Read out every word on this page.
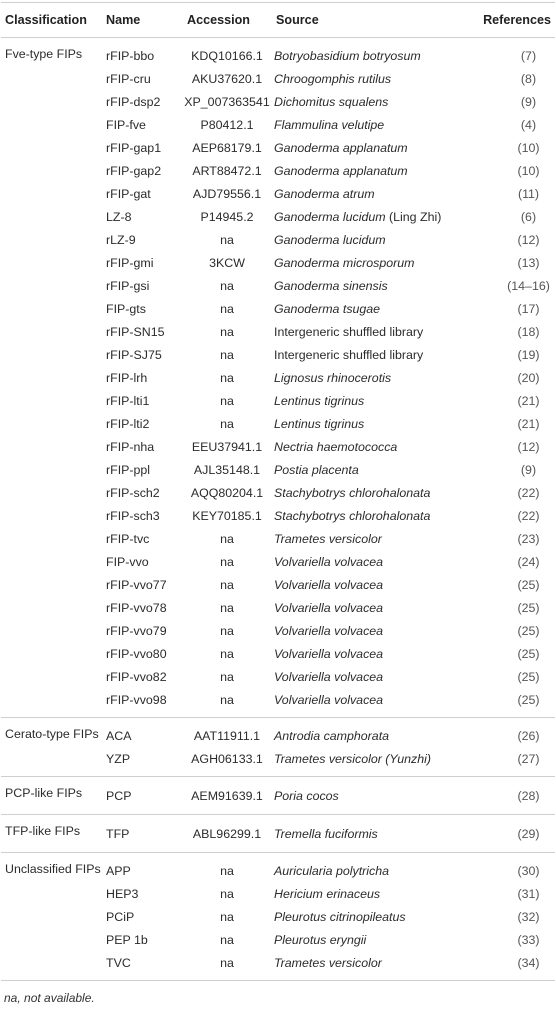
Classification	Name	Accession	Source	References
Fve-type FIPs	rFIP-bbo	KDQ10166.1	Botryobasidium botryosum	(7)
	rFIP-cru	AKU37620.1	Chroogomphis rutilus	(8)
	rFIP-dsp2	XP_007363541	Dichomitus squalens	(9)
	FIP-fve	P80412.1	Flammulina velutipe	(4)
	rFIP-gap1	AEP68179.1	Ganoderma applanatum	(10)
	rFIP-gap2	ART88472.1	Ganoderma applanatum	(10)
	rFIP-gat	AJD79556.1	Ganoderma atrum	(11)
	LZ-8	P14945.2	Ganoderma lucidum (Ling Zhi)	(6)
	rLZ-9	na	Ganoderma lucidum	(12)
	rFIP-gmi	3KCW	Ganoderma microsporum	(13)
	rFIP-gsi	na	Ganoderma sinensis	(14–16)
	FIP-gts	na	Ganoderma tsugae	(17)
	rFIP-SN15	na	Intergeneric shuffled library	(18)
	rFIP-SJ75	na	Intergeneric shuffled library	(19)
	rFIP-lrh	na	Lignosus rhinocerotis	(20)
	rFIP-lti1	na	Lentinus tigrinus	(21)
	rFIP-lti2	na	Lentinus tigrinus	(21)
	rFIP-nha	EEU37941.1	Nectria haemotococca	(12)
	rFIP-ppl	AJL35148.1	Postia placenta	(9)
	rFIP-sch2	AQQ80204.1	Stachybotrys chlorohalonata	(22)
	rFIP-sch3	KEY70185.1	Stachybotrys chlorohalonata	(22)
	rFIP-tvc	na	Trametes versicolor	(23)
	FIP-vvo	na	Volvariella volvacea	(24)
	rFIP-vvo77	na	Volvariella volvacea	(25)
	rFIP-vvo78	na	Volvariella volvacea	(25)
	rFIP-vvo79	na	Volvariella volvacea	(25)
	rFIP-vvo80	na	Volvariella volvacea	(25)
	rFIP-vvo82	na	Volvariella volvacea	(25)
	rFIP-vvo98	na	Volvariella volvacea	(25)
Cerato-type FIPs	ACA	AAT11911.1	Antrodia camphorata	(26)
	YZP	AGH06133.1	Trametes versicolor (Yunzhi)	(27)
PCP-like FIPs	PCP	AEM91639.1	Poria cocos	(28)
TFP-like FIPs	TFP	ABL96299.1	Tremella fuciformis	(29)
Unclassified FIPs	APP	na	Auricularia polytricha	(30)
	HEP3	na	Hericium erinaceus	(31)
	PCiP	na	Pleurotus citrinopileatus	(32)
	PEP 1b	na	Pleurotus eryngii	(33)
	TVC	na	Trametes versicolor	(34)
na, not available.
